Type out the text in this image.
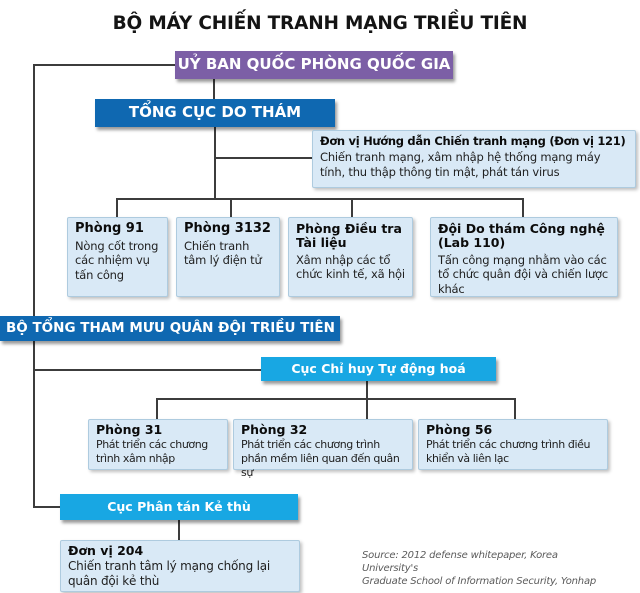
BỘ MÁY CHIẾN TRANH MẠNG TRIỀU TIÊN
UỶ BAN QUỐC PHÒNG QUỐC GIA
TỔNG CỤC DO THÁM
BỘ TỔNG THAM MƯU QUÂN ĐỘI TRIỀU TIÊN
Cục Chỉ huy Tự động hoá
Cục Phân tán Kẻ thù
Đơn vị Hướng dẫn Chiến tranh mạng (Đơn vị 121)

Chiến tranh mạng, xâm nhập hệ thống mạng máy tính, thu thập thông tin mật, phát tán virus

Phòng 91

Nòng cốt trong các nhiệm vụ tấn công

Phòng 3132

Chiến tranh tâm lý điện tử

Phòng Điều tra Tài liệu

Xâm nhập các tổ chức kinh tế, xã hội

Đội Do thám Công nghệ (Lab 110)

Tấn công mạng nhằm vào các tổ chức quân đội và chiến lược khác

Phòng 31

Phát triển các chương trình xâm nhập

Phòng 32

Phát triển các chương trình phần mềm liên quan đến quân sự

Phòng 56

Phát triển các chương trình điều khiển và liên lạc

Đơn vị 204

Chiến tranh tâm lý mạng chống lại quân đội kẻ thù

Source: 2012 defense whitepaper, Korea University's
Graduate School of Information Security, Yonhap
